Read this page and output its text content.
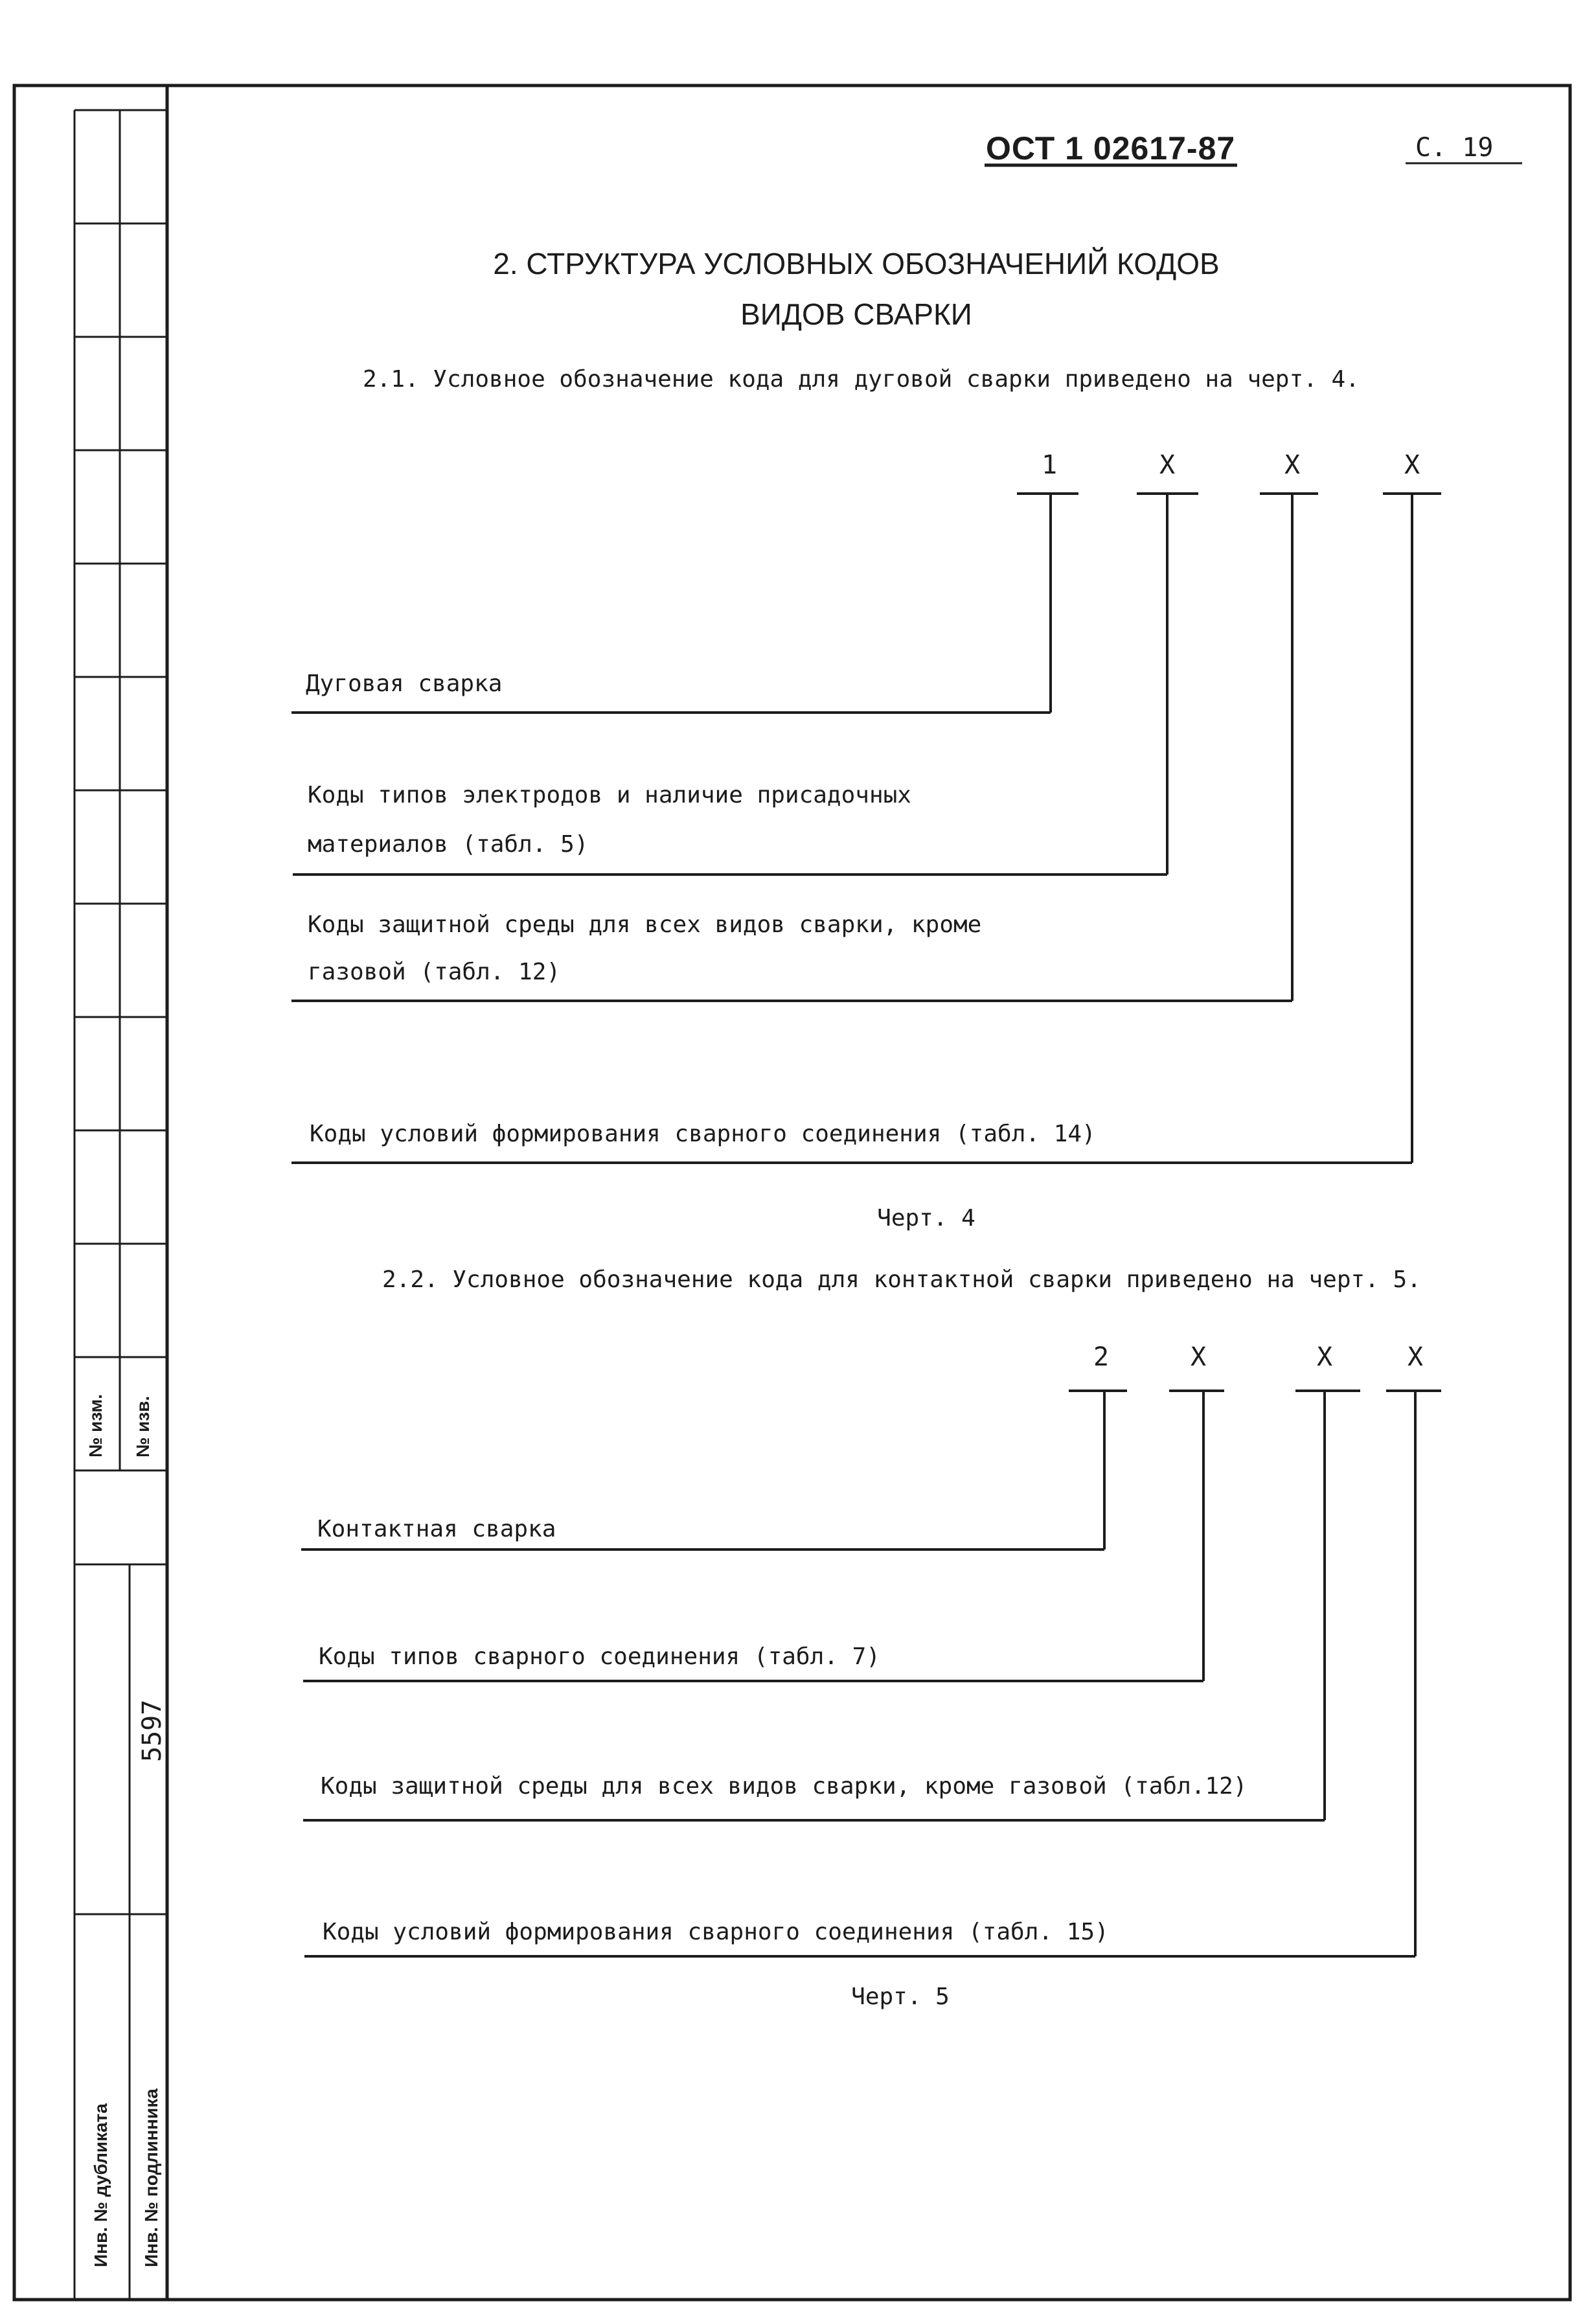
ОСТ 1 02617-87	С. 19
2. СТРУКТУРА УСЛОВНЫХ ОБОЗНАЧЕНИЙ КОДОВ
ВИДОВ СВАРКИ
2.1. Условное обозначение кода для дуговой сварки приведено на черт. 4.
1	X	X	X
Дуговая сварка
Коды типов электродов и наличие присадочных
материалов (табл. 5)
Коды защитной среды для всех видов сварки, кроме
газовой (табл. 12)
Коды условий формирования сварного соединения (табл. 14)
Черт. 4
2.2. Условное обозначение кода для контактной сварки приведено на черт. 5.
2	X	X	X
Контактная сварка
Коды типов сварного соединения (табл. 7)
Коды защитной среды для всех видов сварки, кроме газовой (табл.12)
Коды условий формирования сварного соединения (табл. 15)
Черт. 5
№ изм. № изв.
5597
Инв. № дубликата Инв. № подлинника
